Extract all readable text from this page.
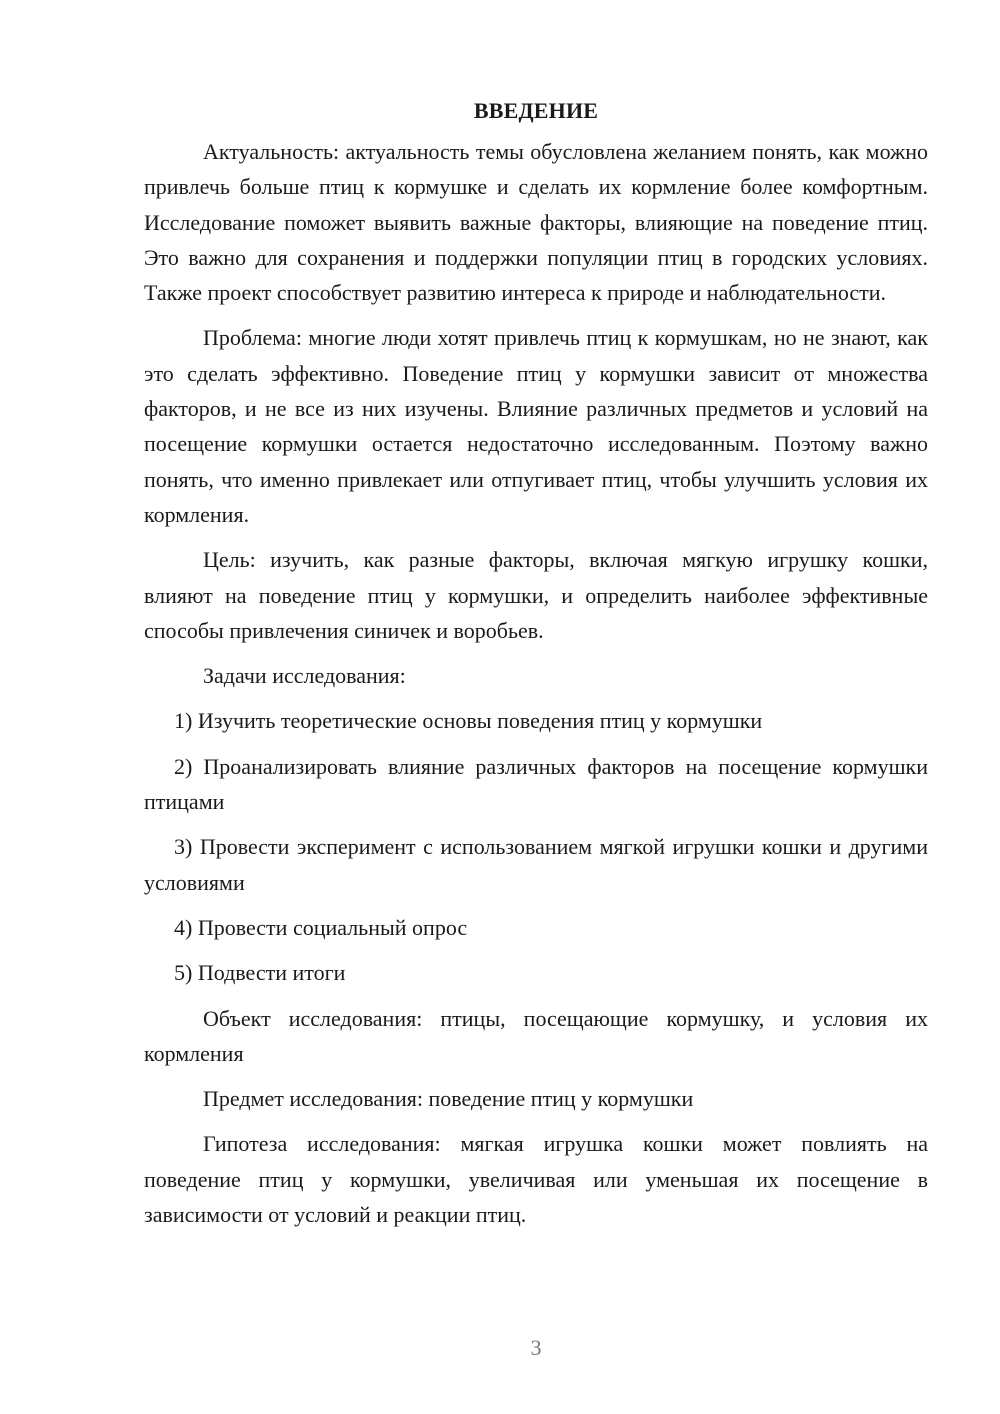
ВВЕДЕНИЕ

Актуальность: актуальность темы обусловлена желанием понять, как можно привлечь больше птиц к кормушке и сделать их кормление более комфортным. Исследование поможет выявить важные факторы, влияющие на поведение птиц. Это важно для сохранения и поддержки популяции птиц в городских условиях. Также проект способствует развитию интереса к природе и наблюдательности.

Проблема: многие люди хотят привлечь птиц к кормушкам, но не знают, как это сделать эффективно. Поведение птиц у кормушки зависит от множества факторов, и не все из них изучены. Влияние различных предметов и условий на посещение кормушки остается недостаточно исследованным. Поэтому важно понять, что именно привлекает или отпугивает птиц, чтобы улучшить условия их кормления.

Цель: изучить, как разные факторы, включая мягкую игрушку кошки, влияют на поведение птиц у кормушки, и определить наиболее эффективные способы привлечения синичек и воробьев.

Задачи исследования:

1) Изучить теоретические основы поведения птиц у кормушки

2) Проанализировать влияние различных факторов на посещение кормушки птицами

3) Провести эксперимент с использованием мягкой игрушки кошки и другими условиями

4) Провести социальный опрос

5) Подвести итоги

Объект исследования: птицы, посещающие кормушку, и условия их кормления

Предмет исследования: поведение птиц у кормушки

Гипотеза исследования: мягкая игрушка кошки может повлиять на поведение птиц у кормушки, увеличивая или уменьшая их посещение в зависимости от условий и реакции птиц.

3
